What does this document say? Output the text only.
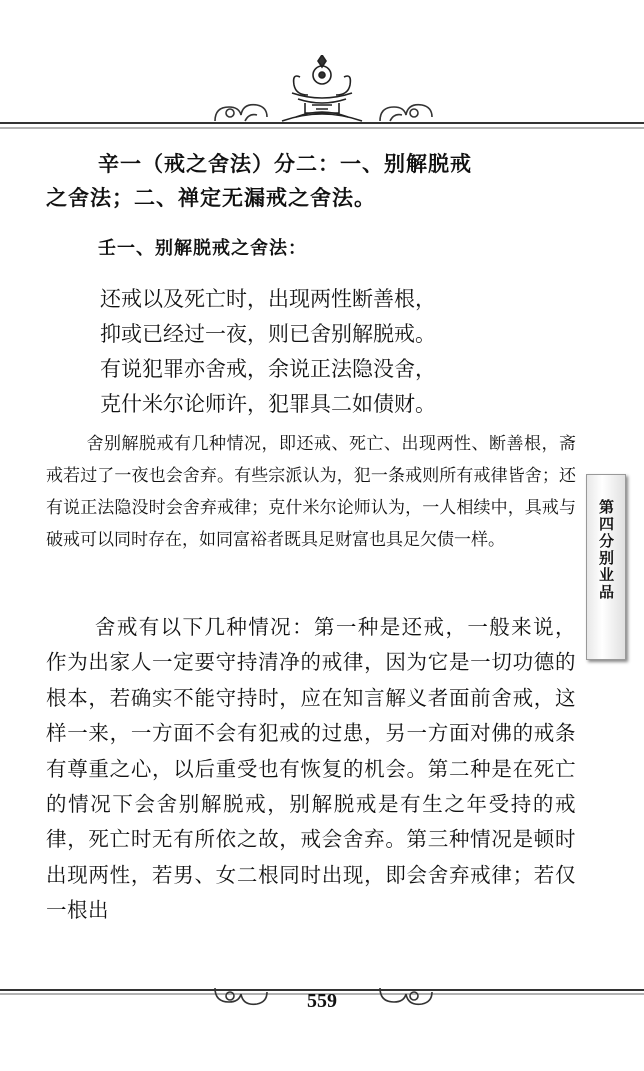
辛一（戒之舍法）分二：一、别解脱戒
之舍法；二、禅定无漏戒之舍法。
壬一、别解脱戒之舍法：
还戒以及死亡时，出现两性断善根，
抑或已经过一夜，则已舍别解脱戒。
有说犯罪亦舍戒，余说正法隐没舍，
克什米尔论师许，犯罪具二如债财。
舍别解脱戒有几种情况，即还戒、死亡、出现两性、断善根，斋戒若过了一夜也会舍弃。有些宗派认为，犯一条戒则所有戒律皆舍；还有说正法隐没时会舍弃戒律；克什米尔论师认为，一人相续中，具戒与破戒可以同时存在，如同富裕者既具足财富也具足欠债一样。
舍戒有以下几种情况：第一种是还戒，一般来说，作为出家人一定要守持清净的戒律，因为它是一切功德的根本，若确实不能守持时，应在知言解义者面前舍戒，这样一来，一方面不会有犯戒的过患，另一方面对佛的戒条有尊重之心，以后重受也有恢复的机会。第二种是在死亡的情况下会舍别解脱戒，别解脱戒是有生之年受持的戒律，死亡时无有所依之故，戒会舍弃。第三种情况是顿时出现两性，若男、女二根同时出现，即会舍弃戒律；若仅一根出
第四分别业品
559
